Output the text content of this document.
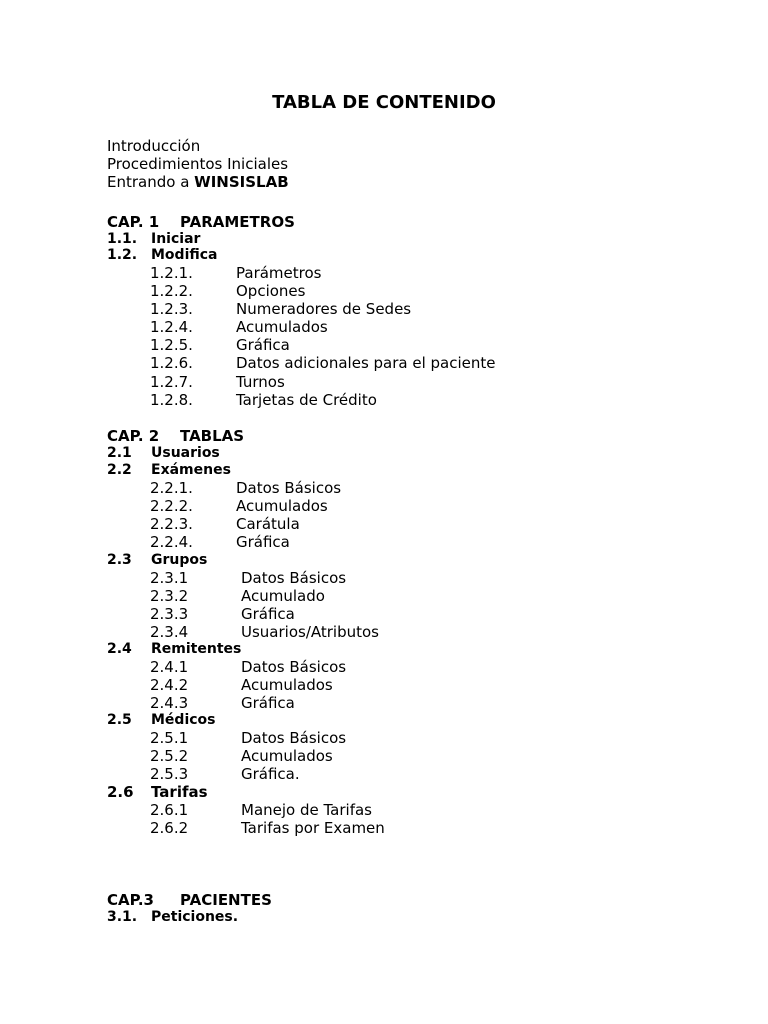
TABLA DE CONTENIDO
Introducción
Procedimientos Iniciales
Entrando a WINSISLAB
CAP. 1 PARAMETROS
1.1. Iniciar
1.2. Modifica
1.2.1.	Parámetros
1.2.2.	Opciones
1.2.3.	Numeradores de Sedes
1.2.4.	Acumulados
1.2.5.	Gráfica
1.2.6.	Datos adicionales para el paciente
1.2.7.	Turnos
1.2.8.	Tarjetas de Crédito
CAP. 2 TABLAS
2.1 Usuarios
2.2 Exámenes
2.2.1.	Datos Básicos
2.2.2.	Acumulados
2.2.3.	Carátula
2.2.4.	Gráfica
2.3 Grupos
2.3.1	Datos Básicos
2.3.2	Acumulado
2.3.3	Gráfica
2.3.4	Usuarios/Atributos
2.4 Remitentes
2.4.1	Datos Básicos
2.4.2	Acumulados
2.4.3	Gráfica
2.5 Médicos
2.5.1	Datos Básicos
2.5.2	Acumulados
2.5.3	Gráfica.
2.6 Tarifas
2.6.1	Manejo de Tarifas
2.6.2	Tarifas por Examen
CAP.3 PACIENTES
3.1. Peticiones.
